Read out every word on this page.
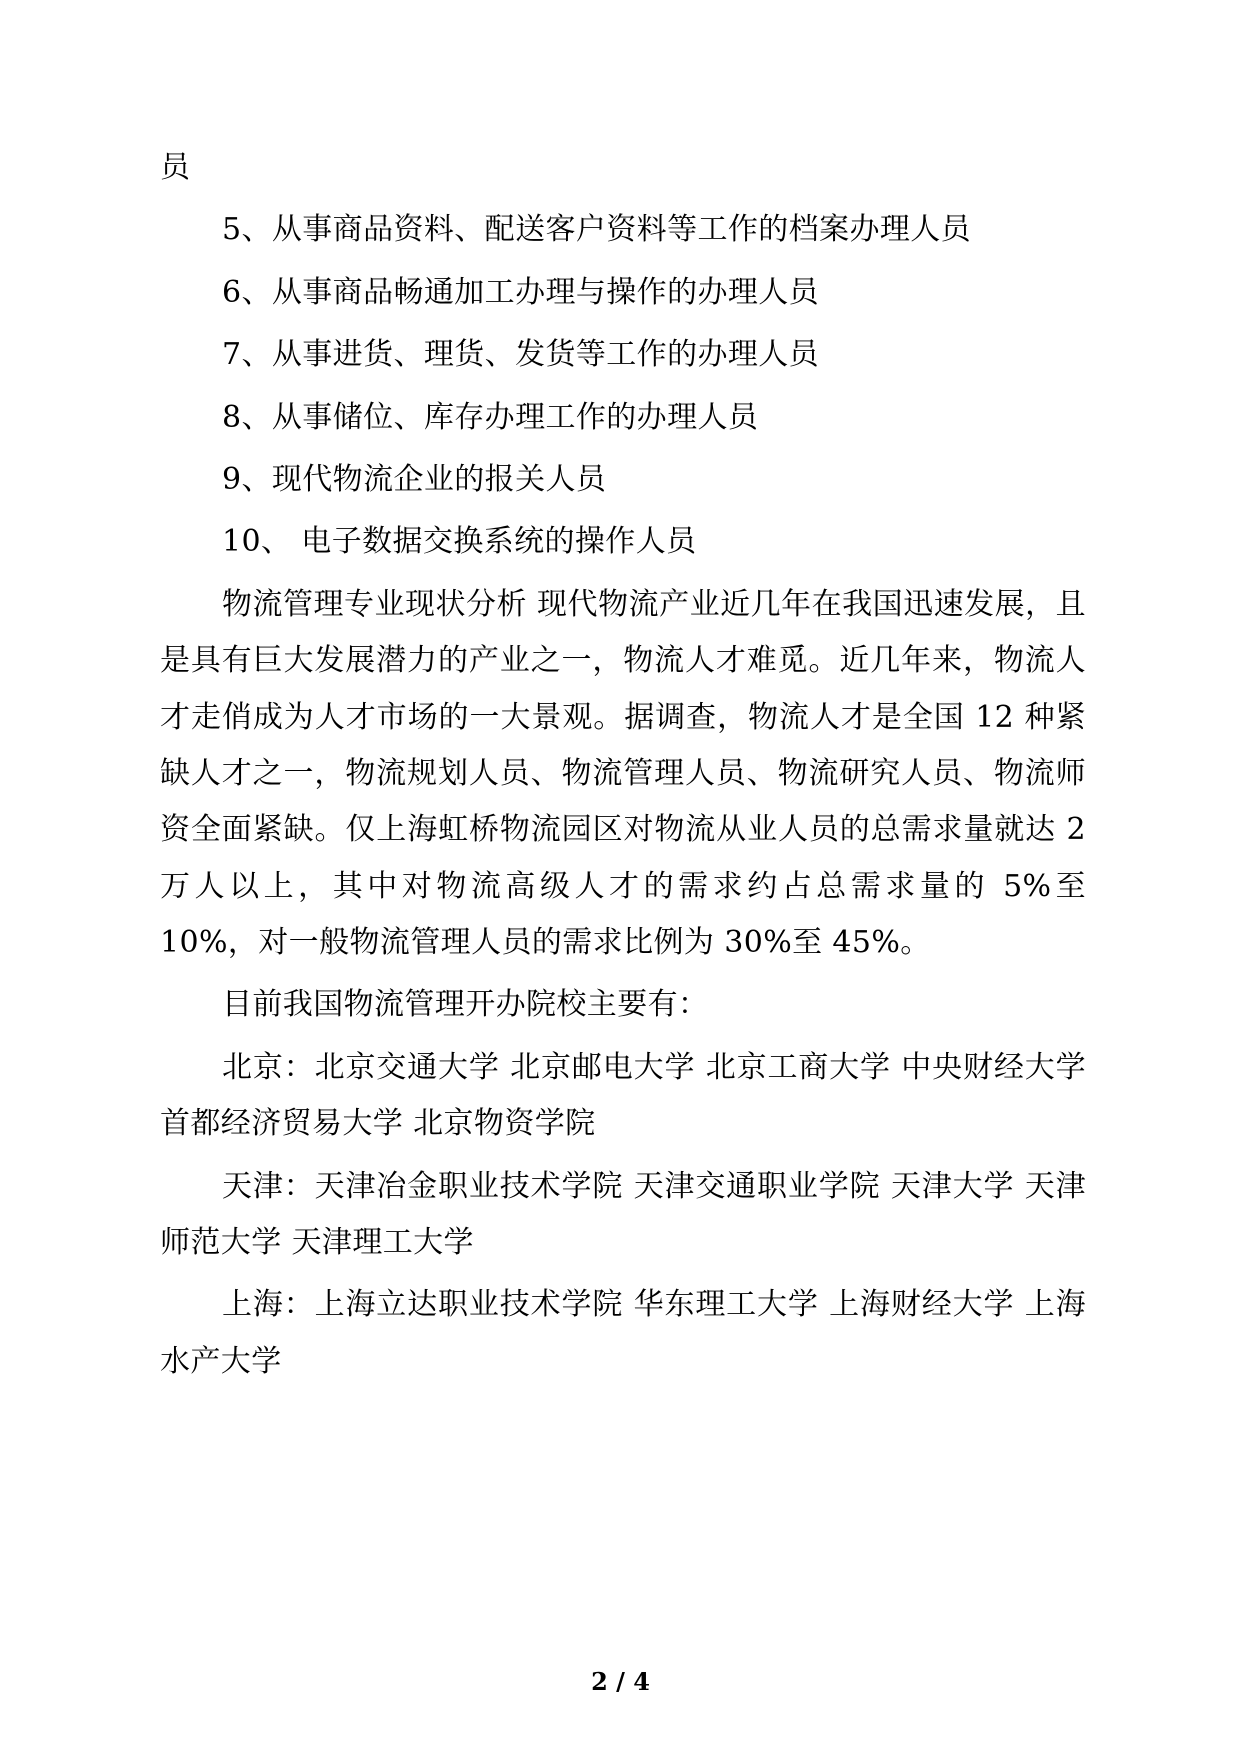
员

5、从事商品资料、配送客户资料等工作的档案办理人员

6、从事商品畅通加工办理与操作的办理人员

7、从事进货、理货、发货等工作的办理人员

8、从事储位、库存办理工作的办理人员

9、现代物流企业的报关人员

10、 电子数据交换系统的操作人员

物流管理专业现状分析 现代物流产业近几年在我国迅速发展，且是具有巨大发展潜力的产业之一，物流人才难觅。近几年来，物流人才走俏成为人才市场的一大景观。据调查，物流人才是全国 12 种紧缺人才之一，物流规划人员、物流管理人员、物流研究人员、物流师资全面紧缺。仅上海虹桥物流园区对物流从业人员的总需求量就达 2 万人以上，其中对物流高级人才的需求约占总需求量的 5%至 10%，对一般物流管理人员的需求比例为 30%至 45%。

目前我国物流管理开办院校主要有：

北京：北京交通大学 北京邮电大学 北京工商大学 中央财经大学 首都经济贸易大学 北京物资学院

天津：天津冶金职业技术学院 天津交通职业学院 天津大学 天津师范大学 天津理工大学

上海：上海立达职业技术学院 华东理工大学 上海财经大学 上海水产大学

2 / 4
